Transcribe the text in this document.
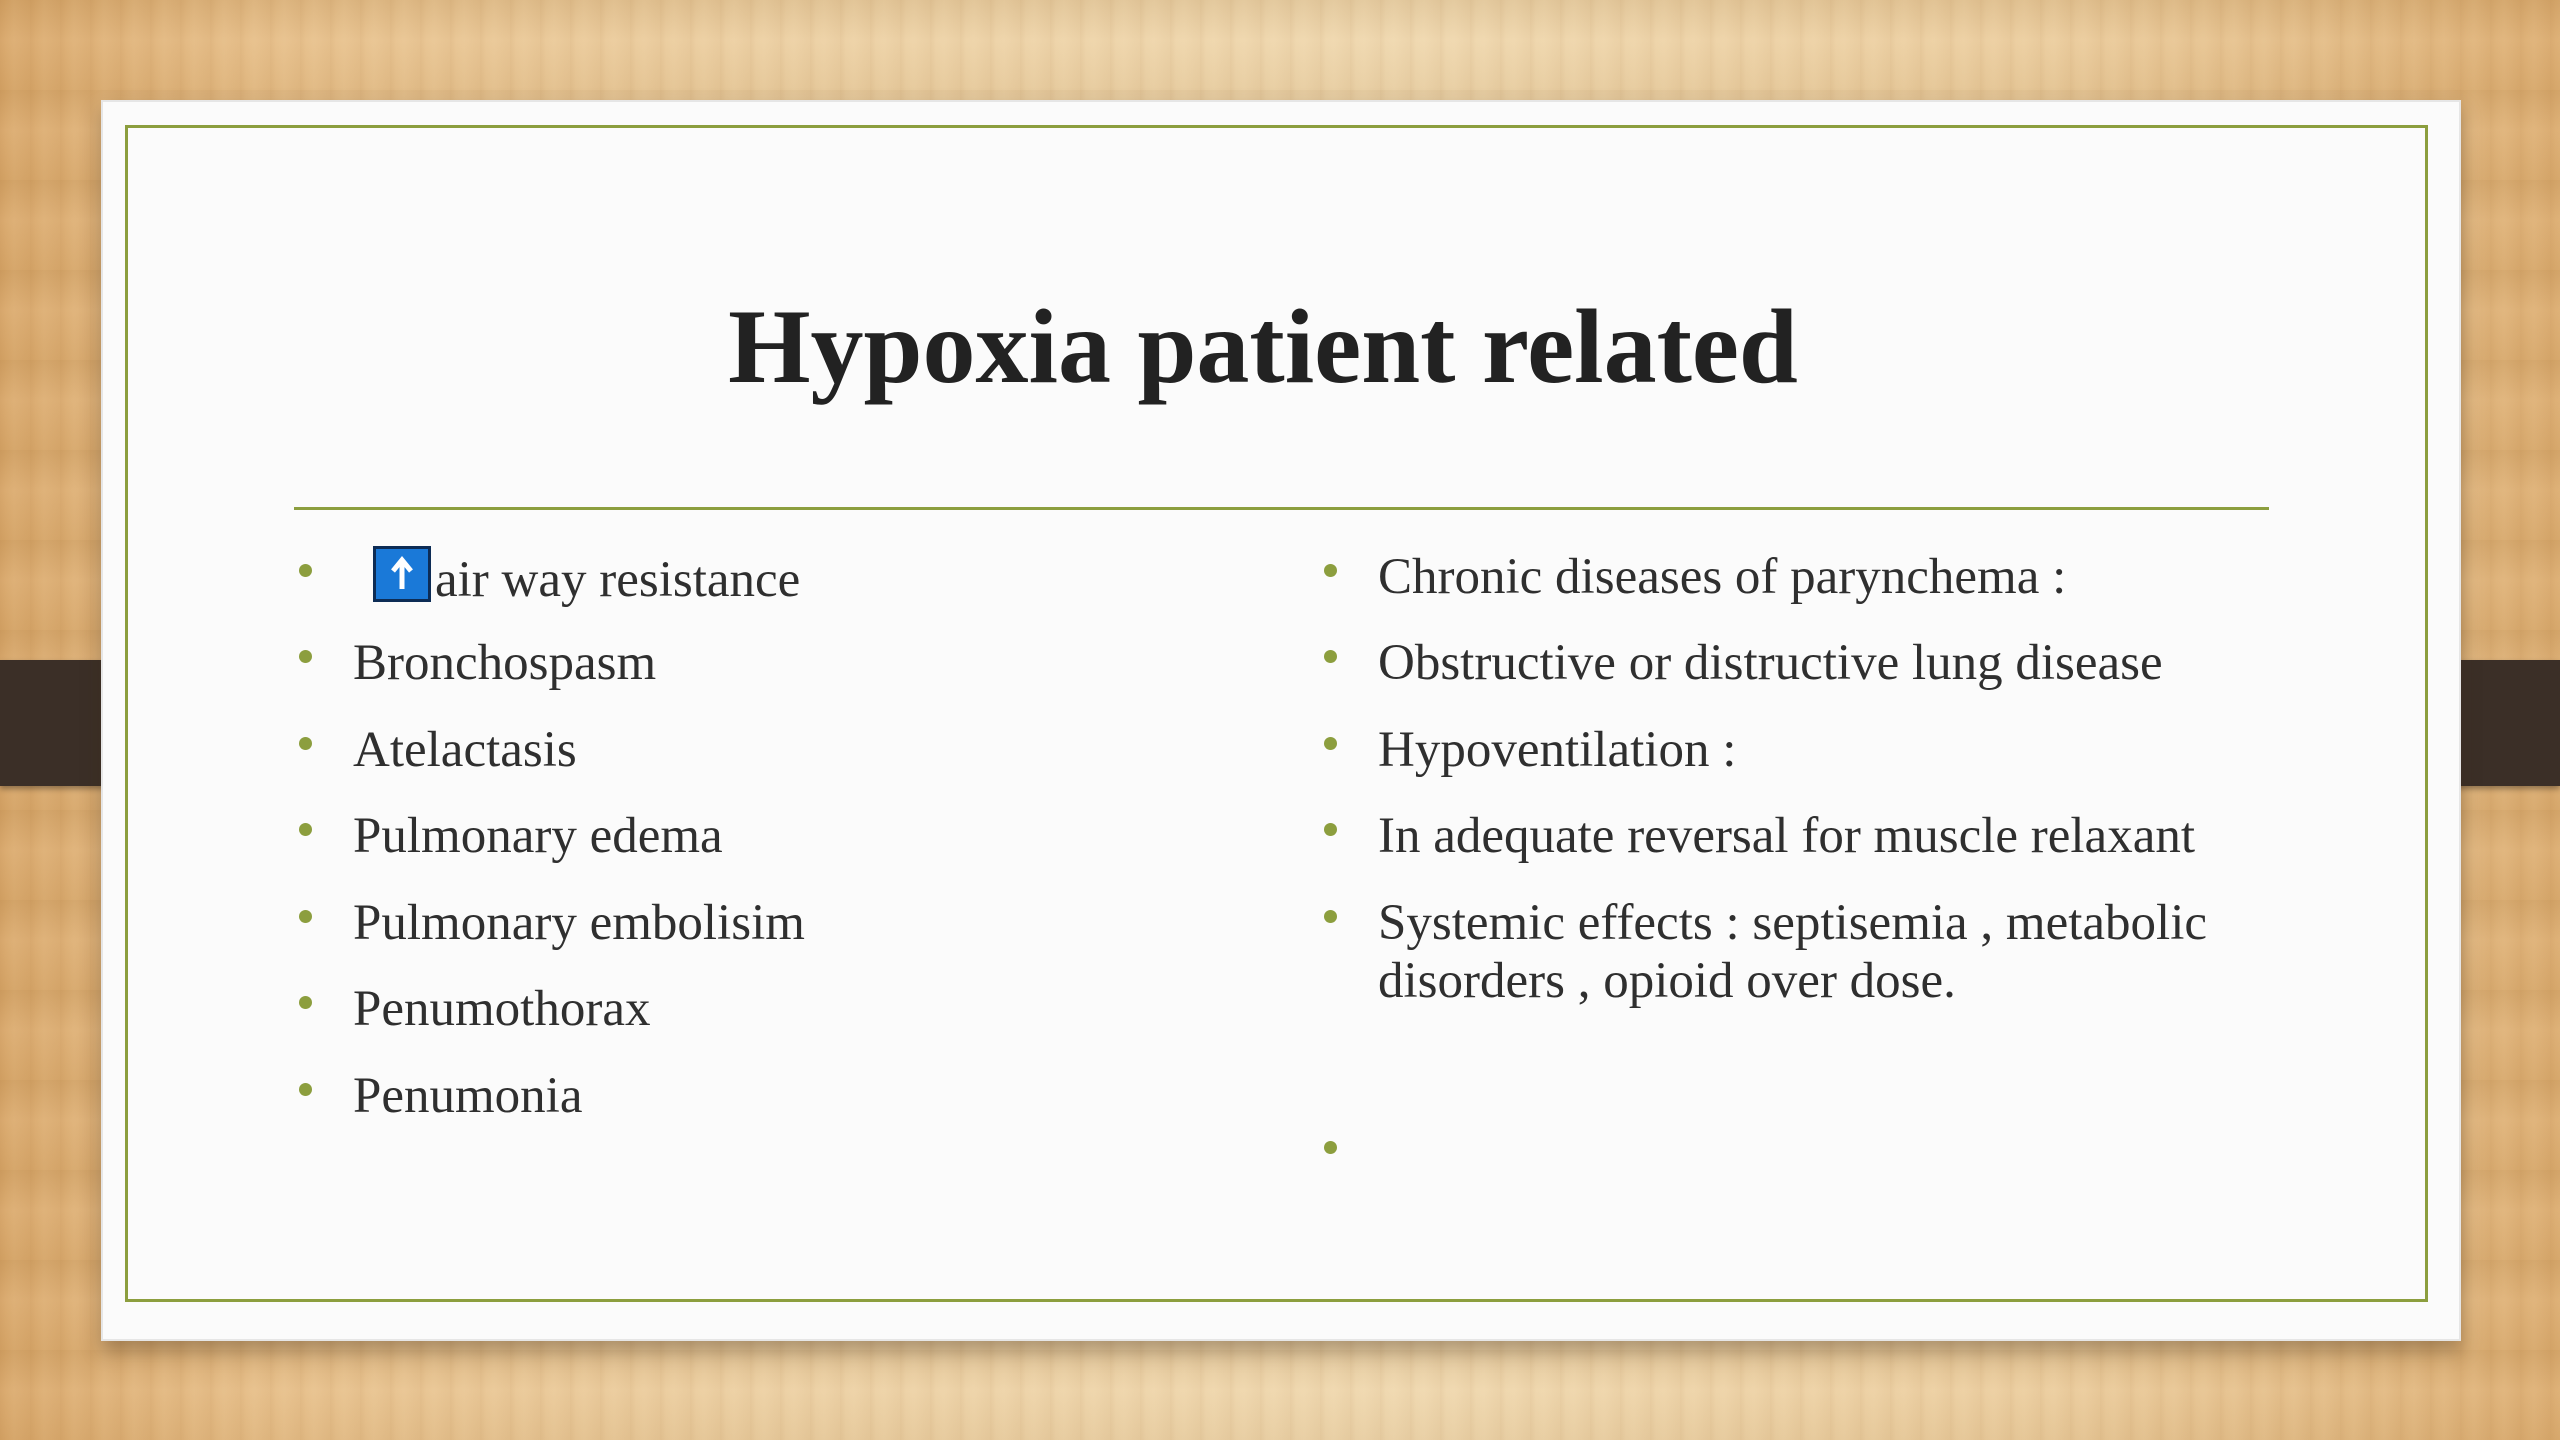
Hypoxia patient related
air way resistance
Bronchospasm
Atelactasis
Pulmonary edema
Pulmonary embolisim
Penumothorax
Penumonia
Chronic diseases of parynchema :
Obstructive or distructive lung disease
Hypoventilation :
In adequate reversal for muscle relaxant
Systemic effects : septisemia , metabolic disorders , opioid over dose.
